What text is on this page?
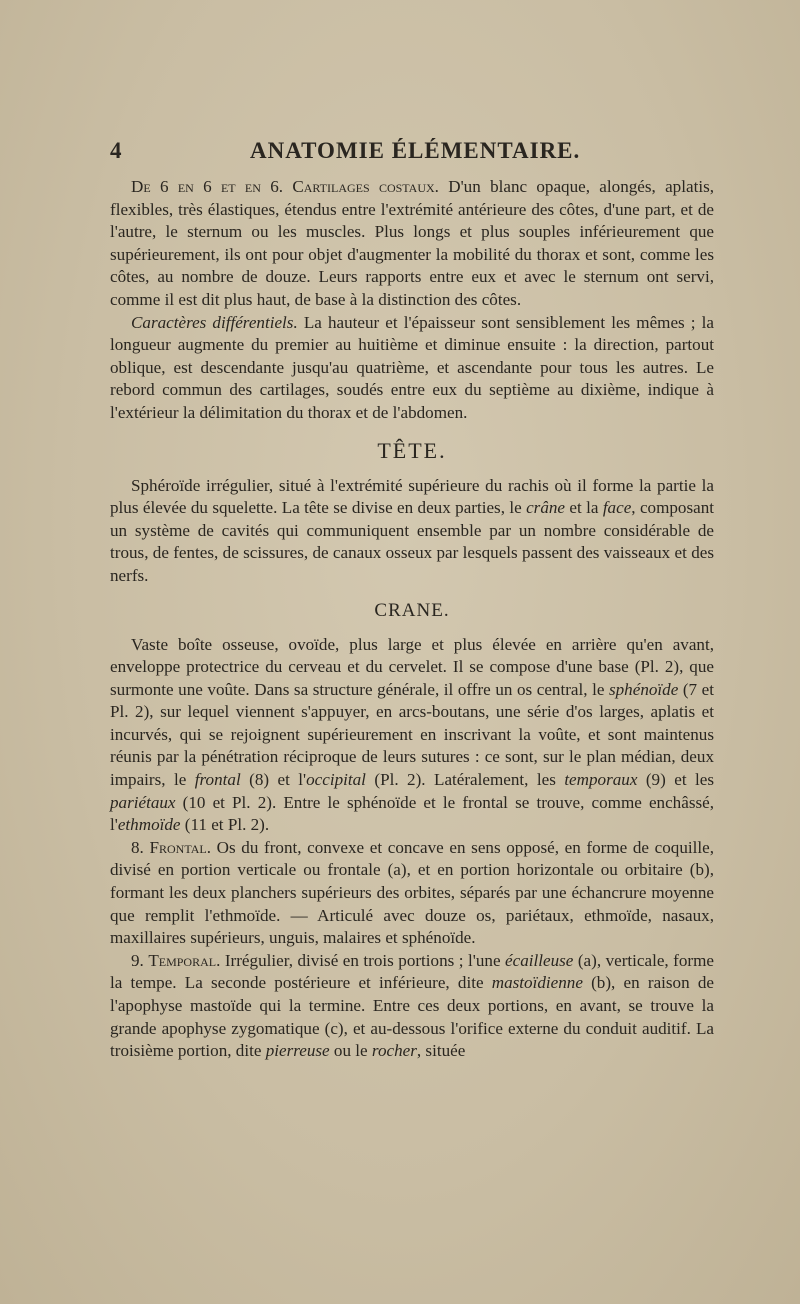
4	ANATOMIE ÉLÉMENTAIRE.

De 6 en 6 et en 6. Cartilages costaux. D'un blanc opaque, alongés, aplatis, flexibles, très élastiques, étendus entre l'extrémité antérieure des côtes, d'une part, et de l'autre, le sternum ou les muscles. Plus longs et plus souples inférieurement que supérieurement, ils ont pour objet d'augmenter la mobilité du thorax et sont, comme les côtes, au nombre de douze. Leurs rapports entre eux et avec le sternum ont servi, comme il est dit plus haut, de base à la distinction des côtes.

Caractères différentiels. La hauteur et l'épaisseur sont sensiblement les mêmes ; la longueur augmente du premier au huitième et diminue ensuite : la direction, partout oblique, est descendante jusqu'au quatrième, et ascendante pour tous les autres. Le rebord commun des cartilages, soudés entre eux du septième au dixième, indique à l'extérieur la délimitation du thorax et de l'abdomen.

TÊTE.

Sphéroïde irrégulier, situé à l'extrémité supérieure du rachis où il forme la partie la plus élevée du squelette. La tête se divise en deux parties, le crâne et la face, composant un système de cavités qui communiquent ensemble par un nombre considérable de trous, de fentes, de scissures, de canaux osseux par lesquels passent des vaisseaux et des nerfs.

CRANE.

Vaste boîte osseuse, ovoïde, plus large et plus élevée en arrière qu'en avant, enveloppe protectrice du cerveau et du cervelet. Il se compose d'une base (Pl. 2), que surmonte une voûte. Dans sa structure générale, il offre un os central, le sphénoïde (7 et Pl. 2), sur lequel viennent s'appuyer, en arcs-boutans, une série d'os larges, aplatis et incurvés, qui se rejoignent supérieurement en inscrivant la voûte, et sont maintenus réunis par la pénétration réciproque de leurs sutures : ce sont, sur le plan médian, deux impairs, le frontal (8) et l'occipital (Pl. 2). Latéralement, les temporaux (9) et les pariétaux (10 et Pl. 2). Entre le sphénoïde et le frontal se trouve, comme enchâssé, l'ethmoïde (11 et Pl. 2).

8. Frontal. Os du front, convexe et concave en sens opposé, en forme de coquille, divisé en portion verticale ou frontale (a), et en portion horizontale ou orbitaire (b), formant les deux planchers supérieurs des orbites, séparés par une échancrure moyenne que remplit l'ethmoïde. — Articulé avec douze os, pariétaux, ethmoïde, nasaux, maxillaires supérieurs, unguis, malaires et sphénoïde.

9. Temporal. Irrégulier, divisé en trois portions ; l'une écailleuse (a), verticale, forme la tempe. La seconde postérieure et inférieure, dite mastoïdienne (b), en raison de l'apophyse mastoïde qui la termine. Entre ces deux portions, en avant, se trouve la grande apophyse zygomatique (c), et au-dessous l'orifice externe du conduit auditif. La troisième portion, dite pierreuse ou le rocher, située
